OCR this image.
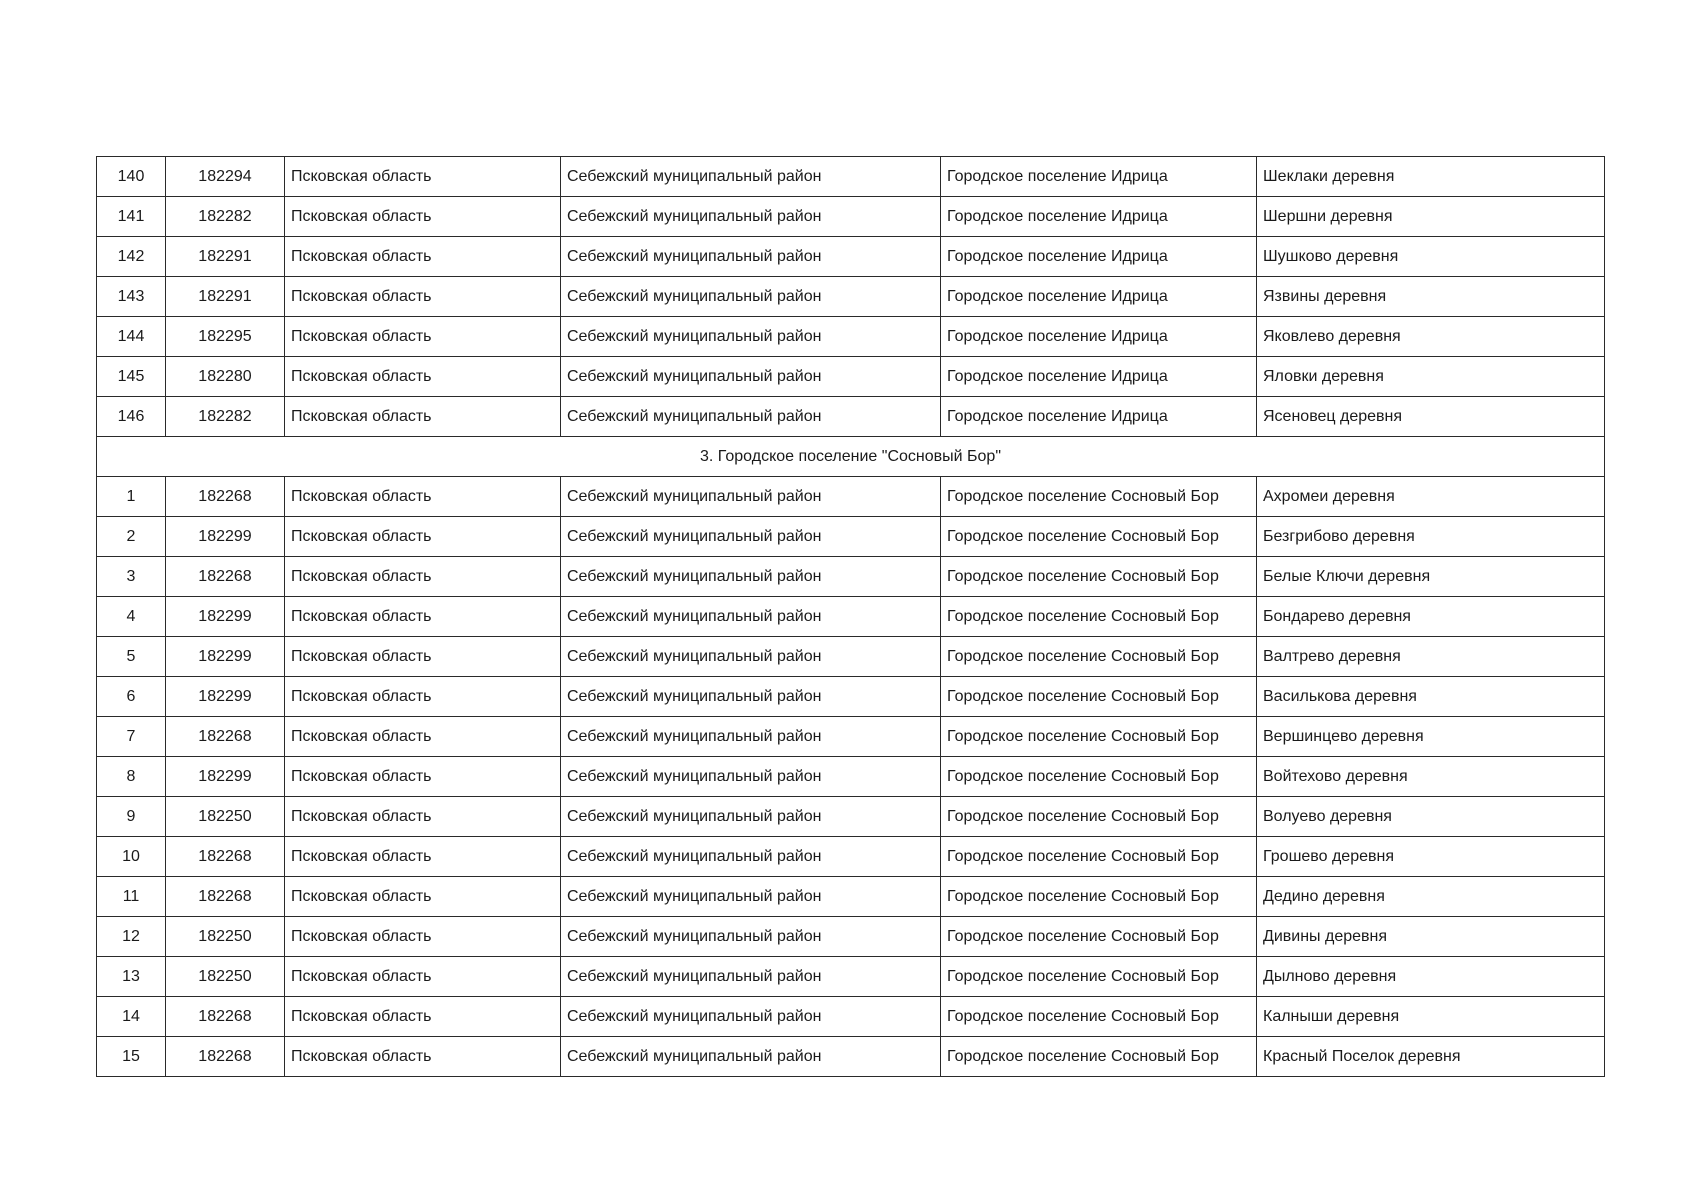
140	182294	Псковская область	Себежский муниципальный район	Городское поселение Идрица	Шеклаки деревня
141	182282	Псковская область	Себежский муниципальный район	Городское поселение Идрица	Шершни деревня
142	182291	Псковская область	Себежский муниципальный район	Городское поселение Идрица	Шушково деревня
143	182291	Псковская область	Себежский муниципальный район	Городское поселение Идрица	Язвины деревня
144	182295	Псковская область	Себежский муниципальный район	Городское поселение Идрица	Яковлево деревня
145	182280	Псковская область	Себежский муниципальный район	Городское поселение Идрица	Яловки деревня
146	182282	Псковская область	Себежский муниципальный район	Городское поселение Идрица	Ясеновец деревня
3. Городское поселение "Сосновый Бор"					
1	182268	Псковская область	Себежский муниципальный район	Городское поселение Сосновый Бор	Ахромеи деревня
2	182299	Псковская область	Себежский муниципальный район	Городское поселение Сосновый Бор	Безгрибово деревня
3	182268	Псковская область	Себежский муниципальный район	Городское поселение Сосновый Бор	Белые Ключи деревня
4	182299	Псковская область	Себежский муниципальный район	Городское поселение Сосновый Бор	Бондарево деревня
5	182299	Псковская область	Себежский муниципальный район	Городское поселение Сосновый Бор	Валтрево деревня
6	182299	Псковская область	Себежский муниципальный район	Городское поселение Сосновый Бор	Василькова деревня
7	182268	Псковская область	Себежский муниципальный район	Городское поселение Сосновый Бор	Вершинцево деревня
8	182299	Псковская область	Себежский муниципальный район	Городское поселение Сосновый Бор	Войтехово деревня
9	182250	Псковская область	Себежский муниципальный район	Городское поселение Сосновый Бор	Волуево деревня
10	182268	Псковская область	Себежский муниципальный район	Городское поселение Сосновый Бор	Грошево деревня
11	182268	Псковская область	Себежский муниципальный район	Городское поселение Сосновый Бор	Дедино деревня
12	182250	Псковская область	Себежский муниципальный район	Городское поселение Сосновый Бор	Дивины деревня
13	182250	Псковская область	Себежский муниципальный район	Городское поселение Сосновый Бор	Дылново деревня
14	182268	Псковская область	Себежский муниципальный район	Городское поселение Сосновый Бор	Калныши деревня
15	182268	Псковская область	Себежский муниципальный район	Городское поселение Сосновый Бор	Красный Поселок деревня
